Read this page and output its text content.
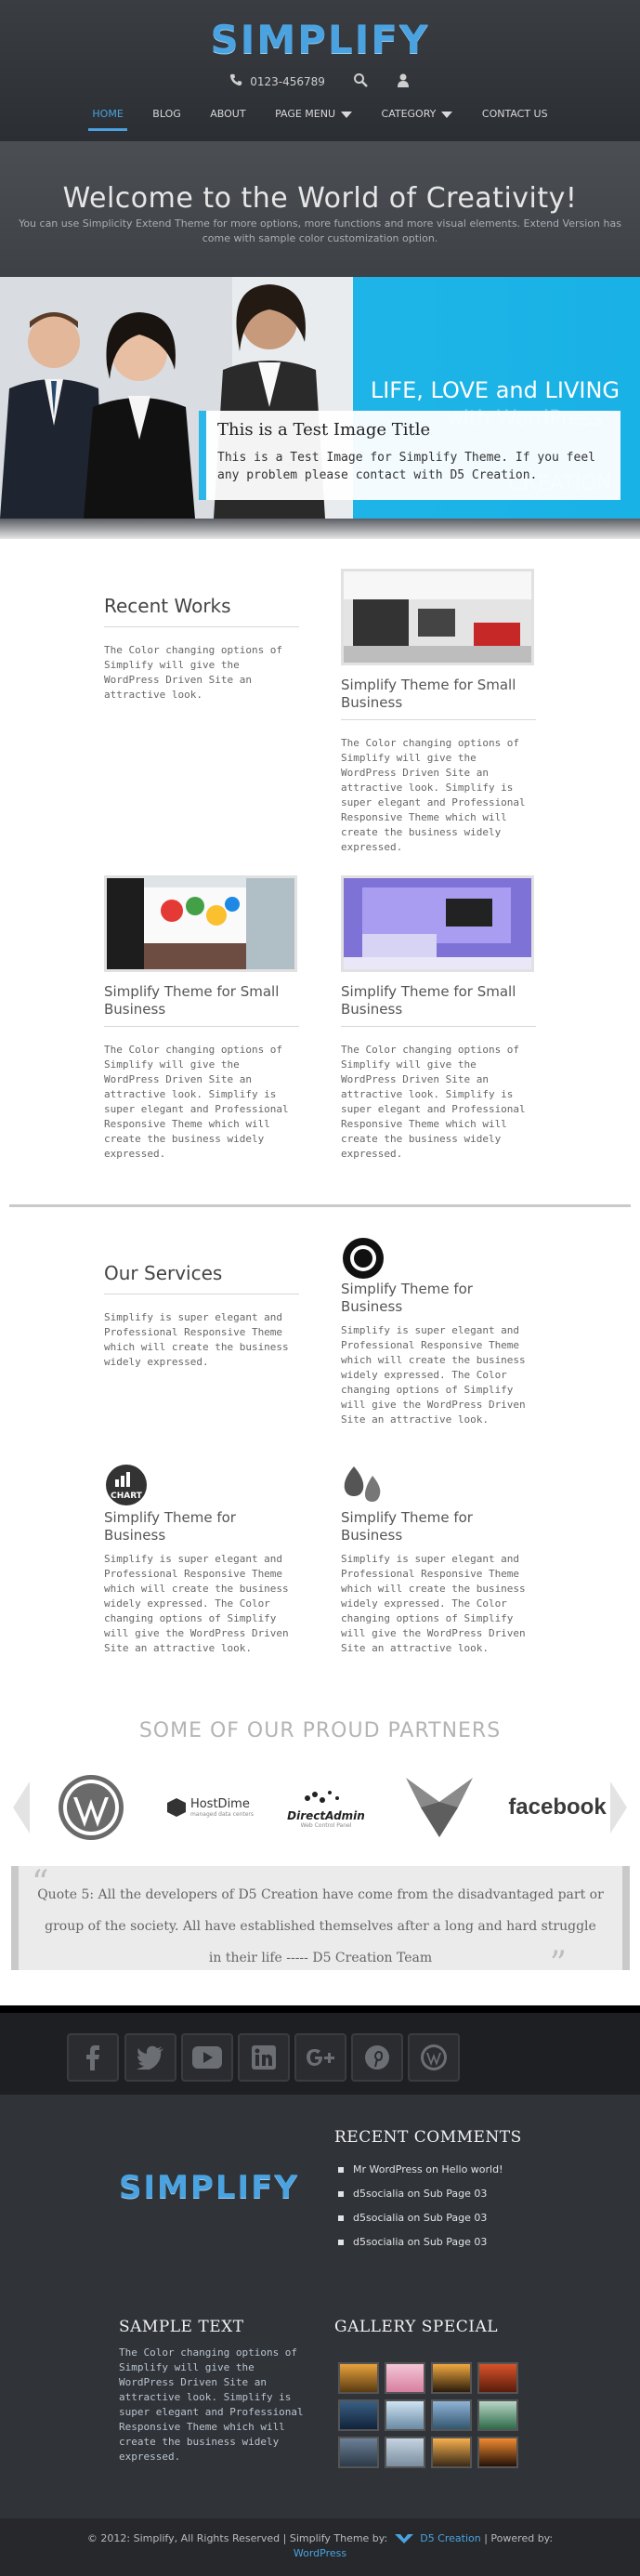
SIMPLIFY
0123-456789
HOME	BLOG	ABOUT	PAGE MENU	CATEGORY	CONTACT US
Welcome to the World of Creativity!

You can use Simplicity Extend Theme for more options, more functions and more visual elements. Extend Version has come with sample color customization option.

LIFE, LOVE and LIVING
This is a Test Image Title

This is a Test Image for Simplify Theme. If you feel any problem please contact with D5 Creation.

Recent Works
The Color changing options of Simplify will give the WordPress Driven Site an attractive look.
Simplify Theme for Small Business
The Color changing options of Simplify will give the WordPress Driven Site an attractive look. Simplify is super elegant and Professional Responsive Theme which will create the business widely expressed.
Simplify Theme for Small Business
The Color changing options of Simplify will give the WordPress Driven Site an attractive look. Simplify is super elegant and Professional Responsive Theme which will create the business widely expressed.
Simplify Theme for Small Business
The Color changing options of Simplify will give the WordPress Driven Site an attractive look. Simplify is super elegant and Professional Responsive Theme which will create the business widely expressed.
Our Services
Simplify is super elegant and Professional Responsive Theme which will create the business widely expressed.
Simplify Theme for Business
Simplify is super elegant and Professional Responsive Theme which will create the business widely expressed. The Color changing options of Simplify will give the WordPress Driven Site an attractive look.
CHART
Simplify Theme for Business
Simplify is super elegant and Professional Responsive Theme which will create the business widely expressed. The Color changing options of Simplify will give the WordPress Driven Site an attractive look.
Simplify Theme for Business
Simplify is super elegant and Professional Responsive Theme which will create the business widely expressed. The Color changing options of Simplify will give the WordPress Driven Site an attractive look.
SOME OF OUR PROUD PARTNERS
HostDime
managed data centers	DirectAdmin
Web Control Panel
facebook
“

Quote 5: All the developers of D5 Creation have come from the disadvantaged part or group of the society. All have established themselves after a long and hard struggle in their life ----- D5 Creation Team	”
SIMPLIFY
RECENT COMMENTS
Mr WordPress on Hello world!
d5socialia on Sub Page 03
d5socialia on Sub Page 03
d5socialia on Sub Page 03
SAMPLE TEXT
The Color changing options of Simplify will give the WordPress Driven Site an attractive look. Simplify is super elegant and Professional Responsive Theme which will create the business widely expressed.
GALLERY SPECIAL
© 2012: Simplify, All Rights Reserved | Simplify Theme by:	D5 Creation | Powered by:
WordPress
